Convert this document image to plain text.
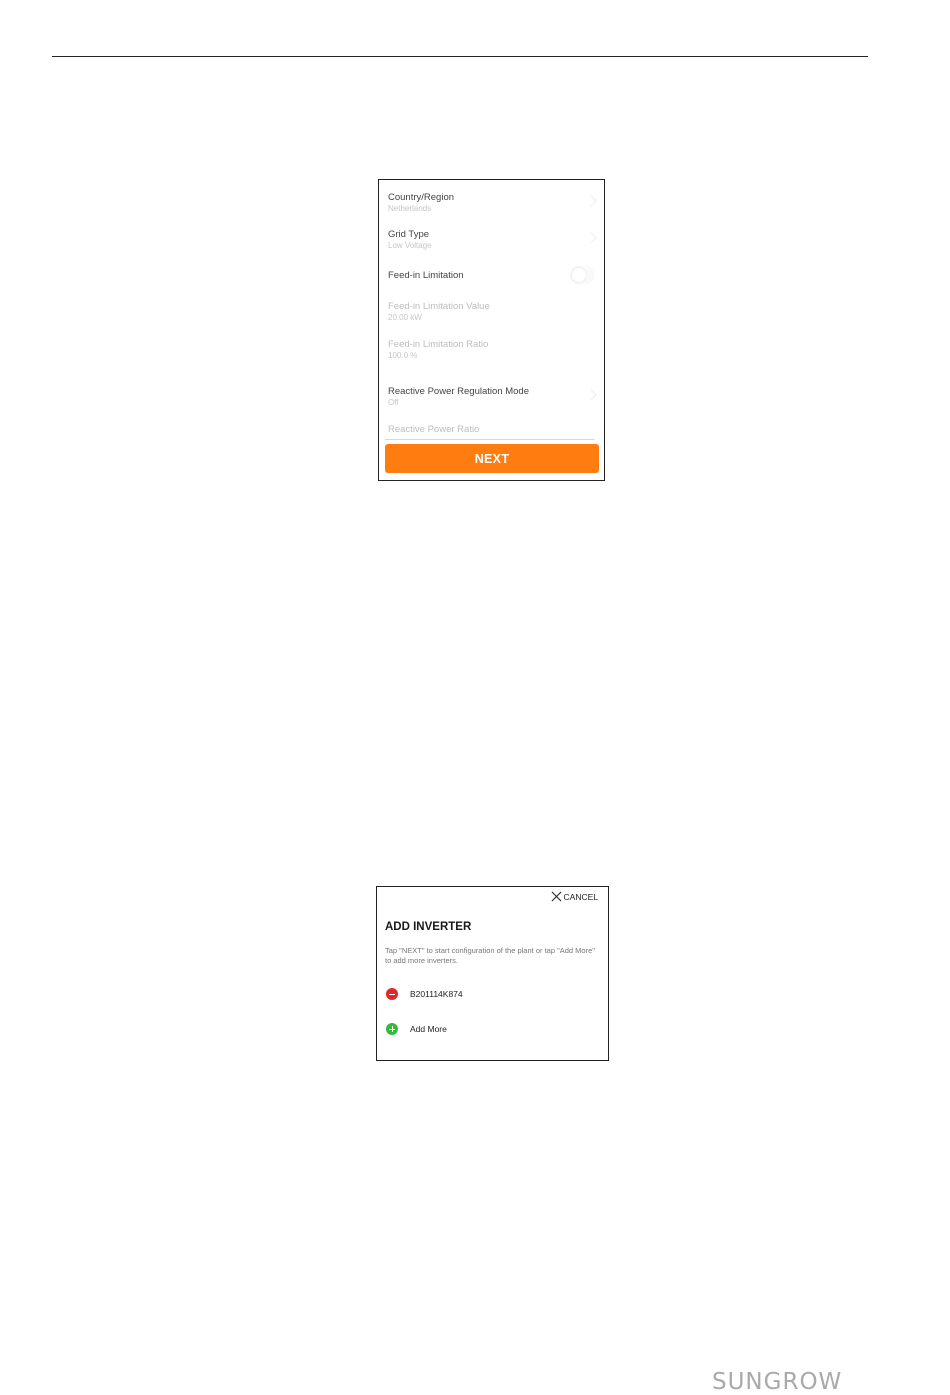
Country/Region
Netherlands
Grid Type
Low Voltage
Feed-in Limitation
Feed-in Limitation Value
20.00 kW
Feed-in Limitation Ratio
100.0 %
Reactive Power Regulation Mode
Off
Reactive Power Ratio
NEXT
CANCEL
ADD INVERTER
Tap "NEXT" to start configuration of the plant or tap "Add More" to add more inverters.
B201114K874
Add More
SUNGROW
